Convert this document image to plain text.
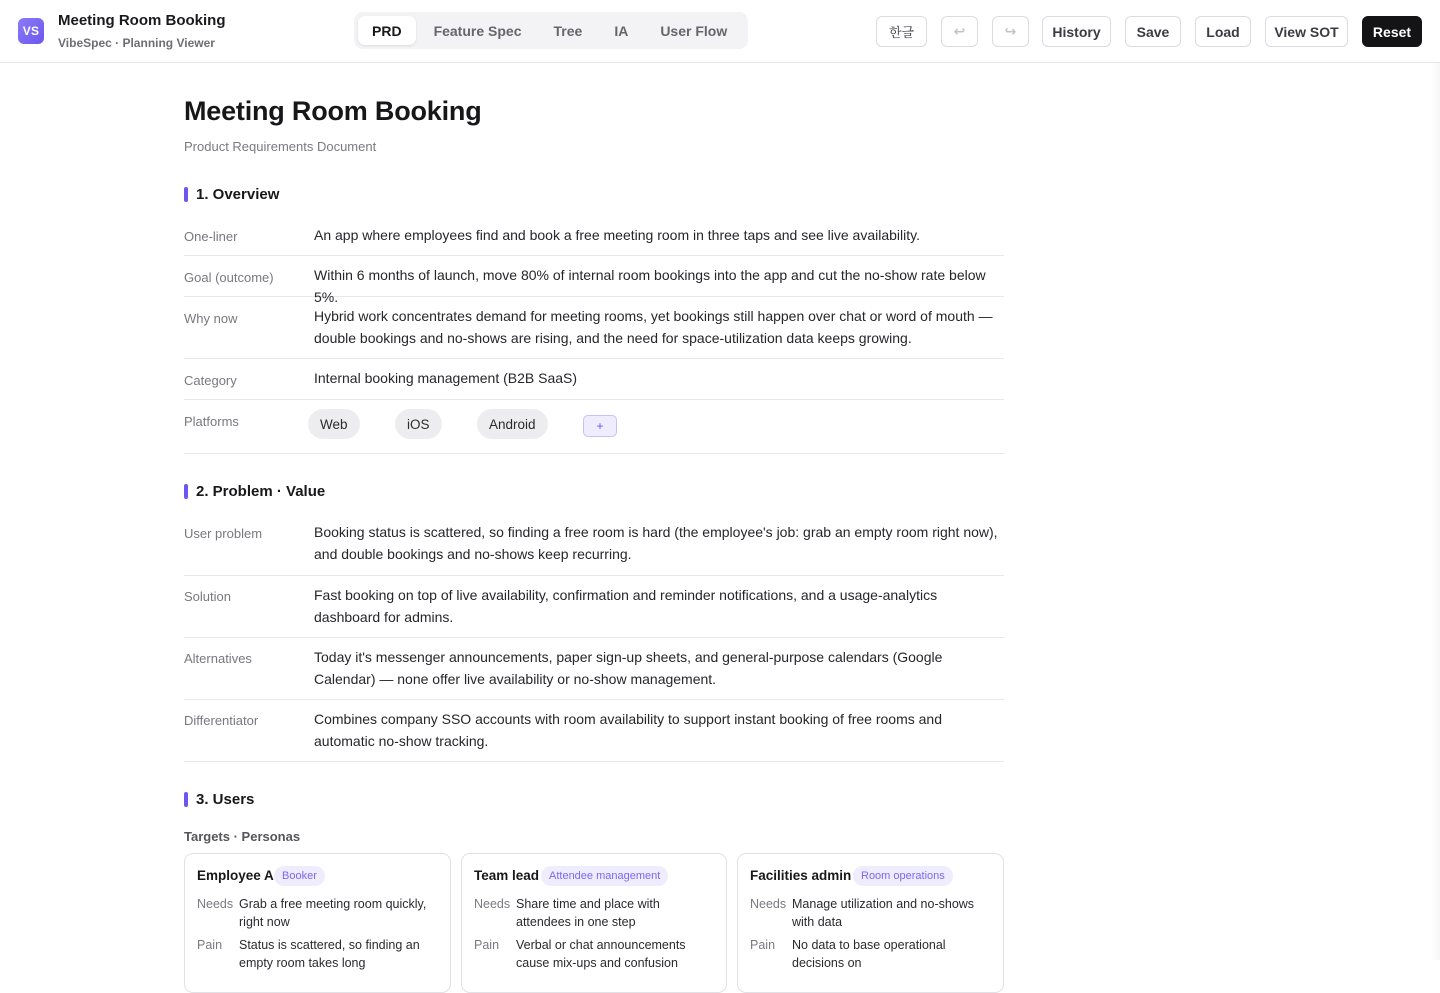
VS
Meeting Room Booking
VibeSpec · Planning Viewer
PRD	Feature Spec	Tree	IA	User Flow	한글	↩	↪	History	Save	Load	View SOT	Reset
Meeting Room Booking
Product Requirements Document
1. Overview
One-liner	An app where employees find and book a free meeting room in three taps and see live availability.
Goal (outcome)	Within 6 months of launch, move 80% of internal room bookings into the app and cut the no-show rate below 5%.
Why now	Hybrid work concentrates demand for meeting rooms, yet bookings still happen over chat or word of mouth — double bookings and no-shows are rising, and the need for space-utilization data keeps growing.
Category	Internal booking management (B2B SaaS)
Platforms	Web	iOS	Android	+
2. Problem · Value
User problem	Booking status is scattered, so finding a free room is hard (the employee's job: grab an empty room right now), and double bookings and no-shows keep recurring.
Solution	Fast booking on top of live availability, confirmation and reminder notifications, and a usage-analytics dashboard for admins.
Alternatives	Today it's messenger announcements, paper sign-up sheets, and general-purpose calendars (Google Calendar) — none offer live availability or no-show management.
Differentiator	Combines company SSO accounts with room availability to support instant booking of free rooms and automatic no-show tracking.
3. Users
Targets · Personas
Employee A Booker
Needs Grab a free meeting room quickly, right now
Pain Status is scattered, so finding an empty room takes long
Team lead Attendee management
Needs Share time and place with attendees in one step
Pain Verbal or chat announcements cause mix-ups and confusion
Facilities admin Room operations
Needs Manage utilization and no-shows with data
Pain No data to base operational decisions on
